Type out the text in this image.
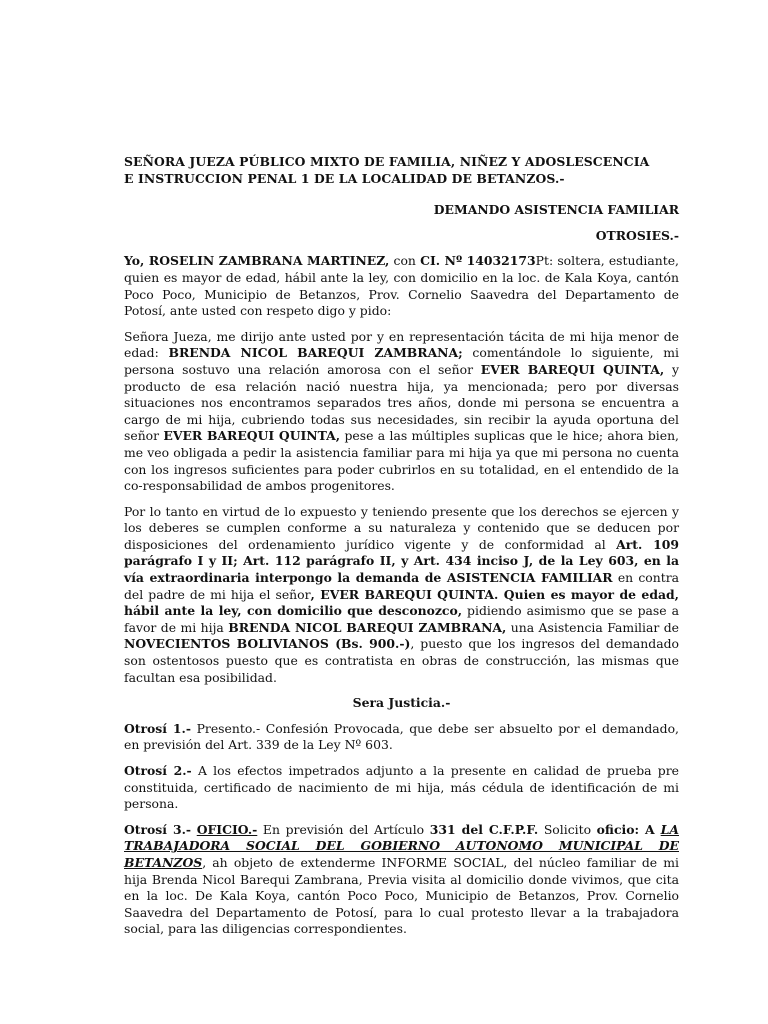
SEÑORA JUEZA PÚBLICO MIXTO DE FAMILIA, NIÑEZ Y ADOSLESCENCIA
E INSTRUCCION PENAL 1 DE LA LOCALIDAD DE BETANZOS.-
DEMANDO ASISTENCIA FAMILIAR
OTROSIES.-

Yo, ROSELIN ZAMBRANA MARTINEZ, con CI. Nº 14032173Pt: soltera, estudiante, quien es mayor de edad, hábil ante la ley, con domicilio en la loc. de Kala Koya, cantón Poco Poco, Municipio de Betanzos, Prov. Cornelio Saavedra del Departamento de Potosí, ante usted con respeto digo y pido:

Señora Jueza, me dirijo ante usted por y en representación tácita de mi hija menor de edad: BRENDA NICOL BAREQUI ZAMBRANA; comentándole lo siguiente, mi persona sostuvo una relación amorosa con el señor EVER BAREQUI QUINTA, y producto de esa relación nació nuestra hija, ya mencionada; pero por diversas situaciones nos encontramos separados tres años, donde mi persona se encuentra a cargo de mi hija, cubriendo todas sus necesidades, sin recibir la ayuda oportuna del señor EVER BAREQUI QUINTA, pese a las múltiples suplicas que le hice; ahora bien, me veo obligada a pedir la asistencia familiar para mi hija ya que mi persona no cuenta con los ingresos suficientes para poder cubrirlos en su totalidad, en el entendido de la co-responsabilidad de ambos progenitores.

Por lo tanto en virtud de lo expuesto y teniendo presente que los derechos se ejercen y los deberes se cumplen conforme a su naturaleza y contenido que se deducen por disposiciones del ordenamiento jurídico vigente y de conformidad al Art. 109 parágrafo I y II; Art. 112 parágrafo II, y Art. 434 inciso J, de la Ley 603, en la vía extraordinaria interpongo la demanda de ASISTENCIA FAMILIAR en contra del padre de mi hija el señor, EVER BAREQUI QUINTA. Quien es mayor de edad, hábil ante la ley, con domicilio que desconozco, pidiendo asimismo que se pase a favor de mi hija BRENDA NICOL BAREQUI ZAMBRANA, una Asistencia Familiar de NOVECIENTOS BOLIVIANOS (Bs. 900.-), puesto que los ingresos del demandado son ostentosos puesto que es contratista en obras de construcción, las mismas que facultan esa posibilidad.

Sera Justicia.-

Otrosí 1.- Presento.- Confesión Provocada, que debe ser absuelto por el demandado, en previsión del Art. 339 de la Ley Nº 603.

Otrosí 2.- A los efectos impetrados adjunto a la presente en calidad de prueba pre constituida, certificado de nacimiento de mi hija, más cédula de identificación de mi persona.

Otrosí 3.- OFICIO.- En previsión del Artículo 331 del C.F.P.F. Solicito oficio: A LA TRABAJADORA SOCIAL DEL GOBIERNO AUTONOMO MUNICIPAL DE BETANZOS, ah objeto de extenderme INFORME SOCIAL, del núcleo familiar de mi hija Brenda Nicol Barequi Zambrana, Previa visita al domicilio donde vivimos, que cita en la loc. De Kala Koya, cantón Poco Poco, Municipio de Betanzos, Prov. Cornelio Saavedra del Departamento de Potosí, para lo cual protesto llevar a la trabajadora social, para las diligencias correspondientes.
